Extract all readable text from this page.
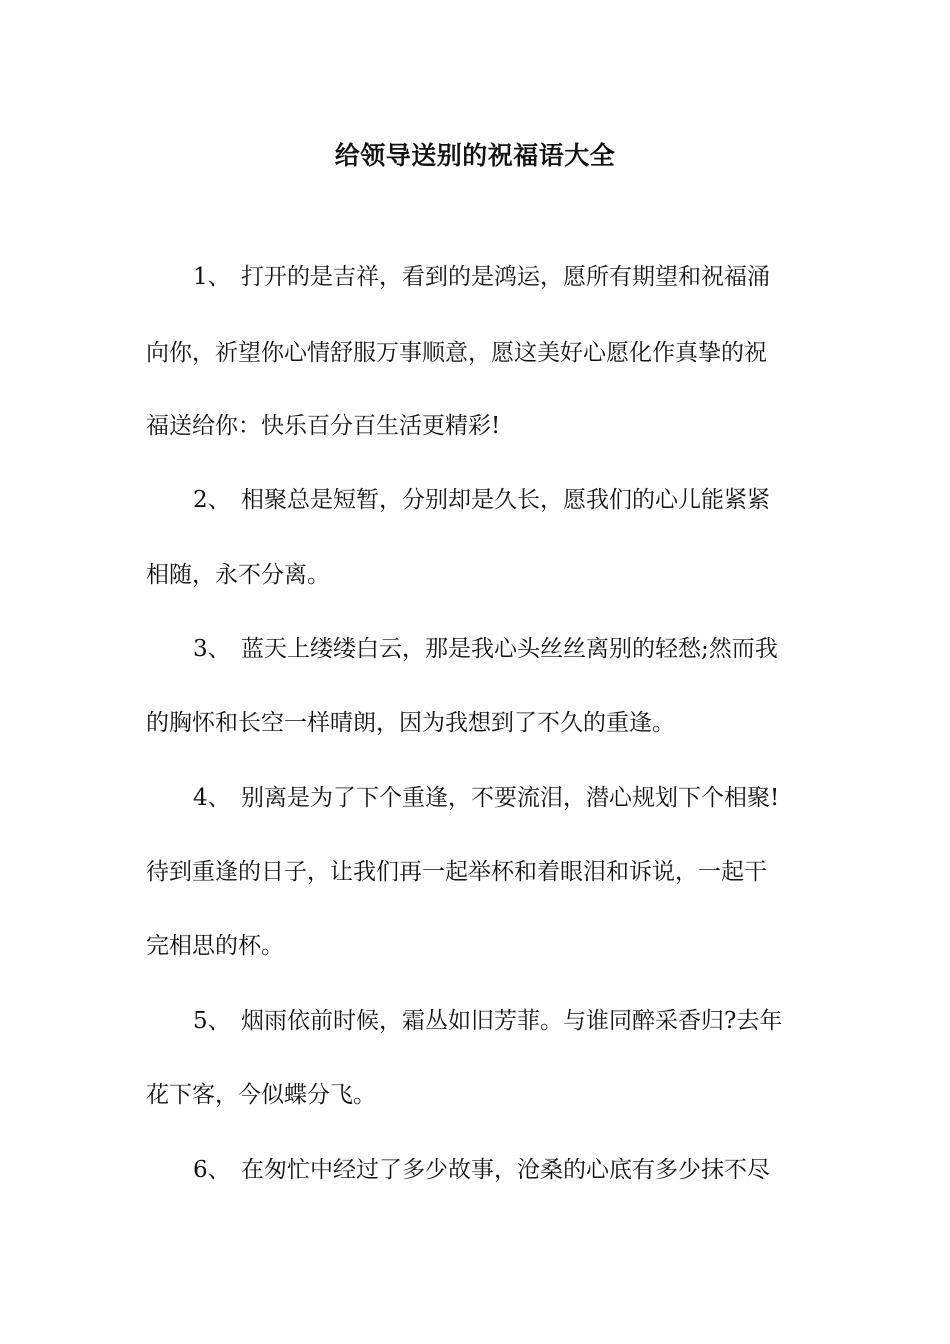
给领导送别的祝福语大全
1、 打开的是吉祥，看到的是鸿运，愿所有期望和祝福涌
向你，祈望你心情舒服万事顺意，愿这美好心愿化作真挚的祝
福送给你：快乐百分百生活更精彩!
2、 相聚总是短暂，分别却是久长，愿我们的心儿能紧紧
相随，永不分离。
3、 蓝天上缕缕白云，那是我心头丝丝离别的轻愁;然而我
的胸怀和长空一样晴朗，因为我想到了不久的重逢。
4、 别离是为了下个重逢，不要流泪，潜心规划下个相聚!
待到重逢的日子，让我们再一起举杯和着眼泪和诉说，一起干
完相思的杯。
5、 烟雨依前时候，霜丛如旧芳菲。与谁同醉采香归?去年
花下客，今似蝶分飞。
6、 在匆忙中经过了多少故事，沧桑的心底有多少抹不尽
